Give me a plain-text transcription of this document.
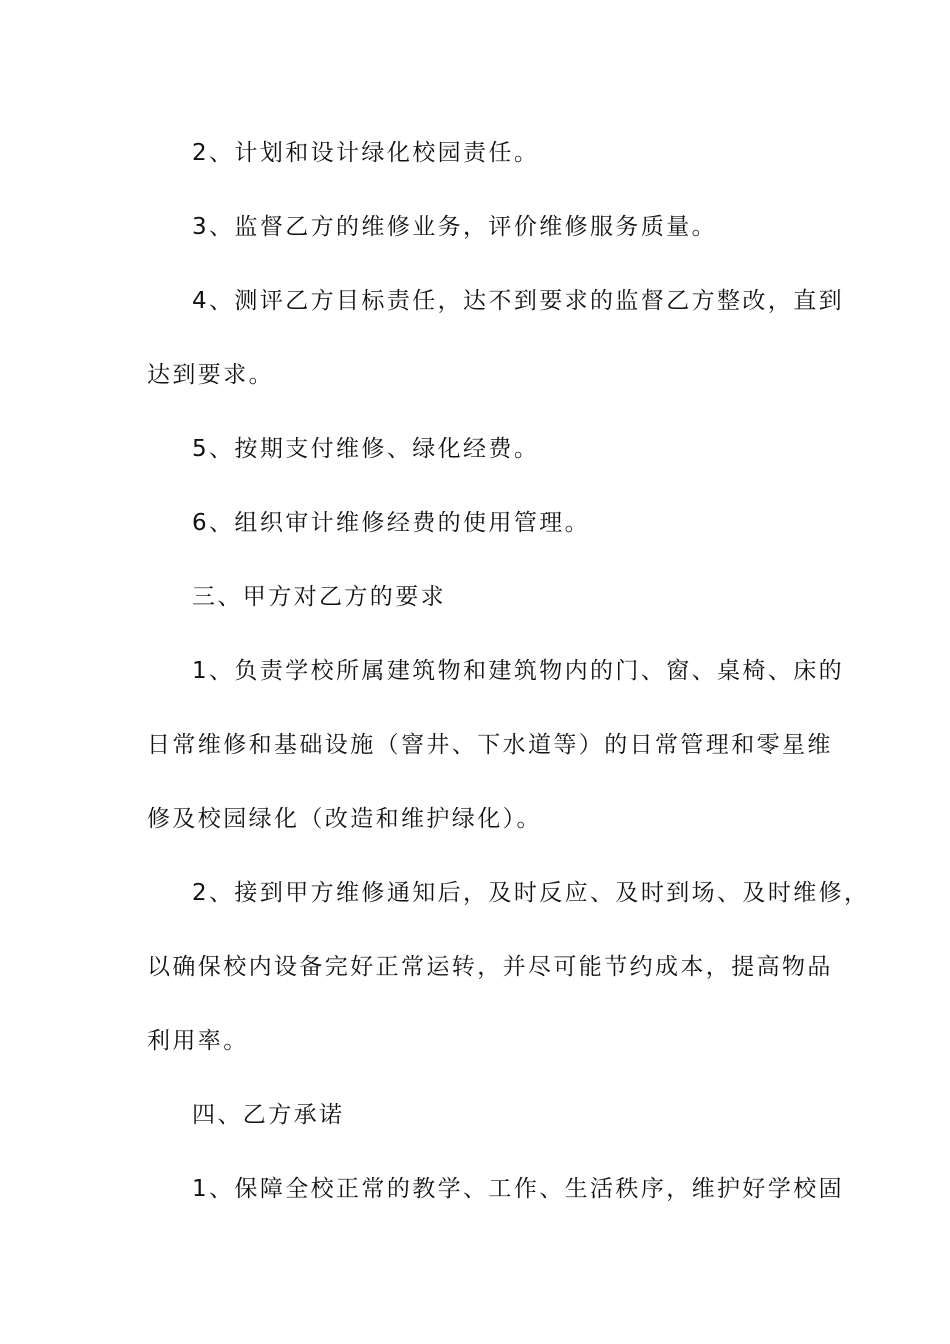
2、计划和设计绿化校园责任。
3、监督乙方的维修业务，评价维修服务质量。
4、测评乙方目标责任，达不到要求的监督乙方整改，直到
达到要求。
5、按期支付维修、绿化经费。
6、组织审计维修经费的使用管理。
三、甲方对乙方的要求
1、负责学校所属建筑物和建筑物内的门、窗、桌椅、床的
日常维修和基础设施（窨井、下水道等）的日常管理和零星维
修及校园绿化（改造和维护绿化）。
2、接到甲方维修通知后，及时反应、及时到场、及时维修，
以确保校内设备完好正常运转，并尽可能节约成本，提高物品
利用率。
四、乙方承诺
1、保障全校正常的教学、工作、生活秩序，维护好学校固
